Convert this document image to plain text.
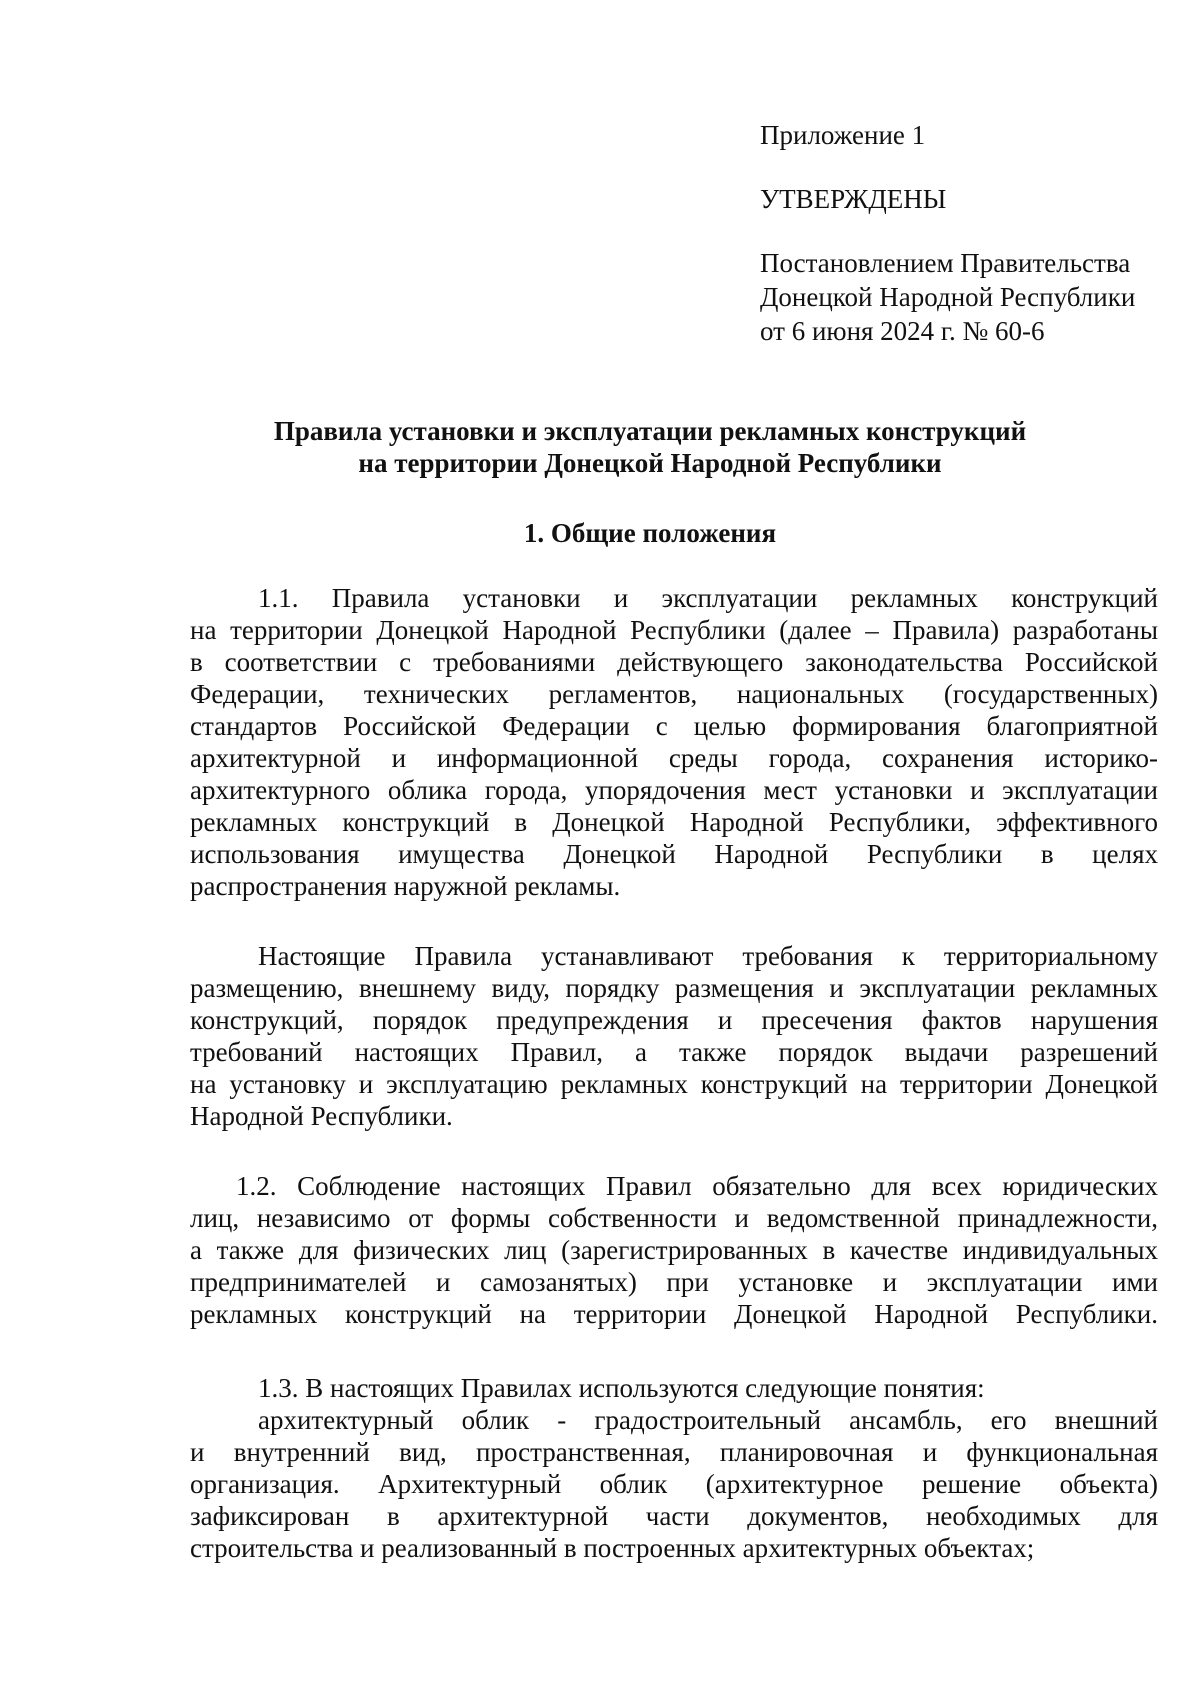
Приложение 1
УТВЕРЖДЕНЫ
Постановлением Правительства
Донецкой Народной Республики
от 6 июня 2024 г. № 60-6
Правила установки и эксплуатации рекламных конструкций
на территории Донецкой Народной Республики
1. Общие положения
1.1. Правила установки и эксплуатации рекламных конструкций
на территории Донецкой Народной Республики (далее – Правила) разработаны
в соответствии с требованиями действующего законодательства Российской
Федерации, технических регламентов, национальных (государственных)
стандартов Российской Федерации с целью формирования благоприятной
архитектурной и информационной среды города, сохранения историко-
архитектурного облика города, упорядочения мест установки и эксплуатации
рекламных конструкций в Донецкой Народной Республики, эффективного
использования имущества Донецкой Народной Республики в целях
распространения наружной рекламы.
Настоящие Правила устанавливают требования к территориальному
размещению, внешнему виду, порядку размещения и эксплуатации рекламных
конструкций, порядок предупреждения и пресечения фактов нарушения
требований настоящих Правил, а также порядок выдачи разрешений
на установку и эксплуатацию рекламных конструкций на территории Донецкой
Народной Республики.
1.2. Соблюдение настоящих Правил обязательно для всех юридических
лиц, независимо от формы собственности и ведомственной принадлежности,
а также для физических лиц (зарегистрированных в качестве индивидуальных
предпринимателей и самозанятых) при установке и эксплуатации ими
рекламных конструкций на территории Донецкой Народной Республики.
1.3. В настоящих Правилах используются следующие понятия:
архитектурный облик - градостроительный ансамбль, его внешний
и внутренний вид, пространственная, планировочная и функциональная
организация. Архитектурный облик (архитектурное решение объекта)
зафиксирован в архитектурной части документов, необходимых для
строительства и реализованный в построенных архитектурных объектах;
